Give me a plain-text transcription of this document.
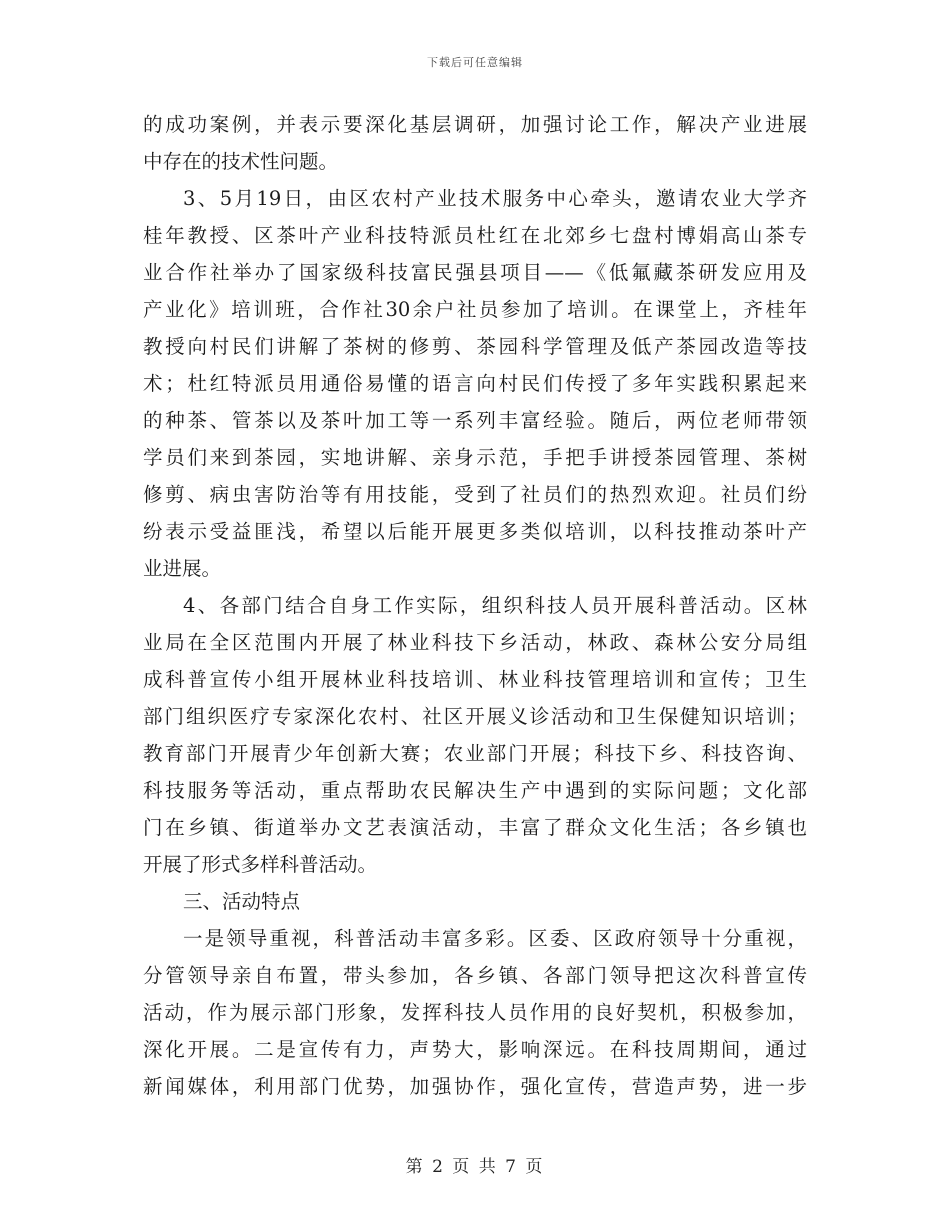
下载后可任意编辑
的成功案例，并表示要深化基层调研，加强讨论工作，解决产业进展
中存在的技术性问题。
3、5月19日，由区农村产业技术服务中心牵头，邀请农业大学齐
桂年教授、区茶叶产业科技特派员杜红在北郊乡七盘村博娟高山茶专
业合作社举办了国家级科技富民强县项目——《低氟藏茶研发应用及
产业化》培训班，合作社30余户社员参加了培训。在课堂上，齐桂年
教授向村民们讲解了茶树的修剪、茶园科学管理及低产茶园改造等技
术；杜红特派员用通俗易懂的语言向村民们传授了多年实践积累起来
的种茶、管茶以及茶叶加工等一系列丰富经验。随后，两位老师带领
学员们来到茶园，实地讲解、亲身示范，手把手讲授茶园管理、茶树
修剪、病虫害防治等有用技能，受到了社员们的热烈欢迎。社员们纷
纷表示受益匪浅，希望以后能开展更多类似培训，以科技推动茶叶产
业进展。
4、各部门结合自身工作实际，组织科技人员开展科普活动。区林
业局在全区范围内开展了林业科技下乡活动，林政、森林公安分局组
成科普宣传小组开展林业科技培训、林业科技管理培训和宣传；卫生
部门组织医疗专家深化农村、社区开展义诊活动和卫生保健知识培训；
教育部门开展青少年创新大赛；农业部门开展；科技下乡、科技咨询、
科技服务等活动，重点帮助农民解决生产中遇到的实际问题；文化部
门在乡镇、街道举办文艺表演活动，丰富了群众文化生活；各乡镇也
开展了形式多样科普活动。
三、活动特点
一是领导重视，科普活动丰富多彩。区委、区政府领导十分重视，
分管领导亲自布置，带头参加，各乡镇、各部门领导把这次科普宣传
活动，作为展示部门形象，发挥科技人员作用的良好契机，积极参加，
深化开展。二是宣传有力，声势大，影响深远。在科技周期间，通过
新闻媒体，利用部门优势，加强协作，强化宣传，营造声势，进一步
第 2 页 共 7 页
